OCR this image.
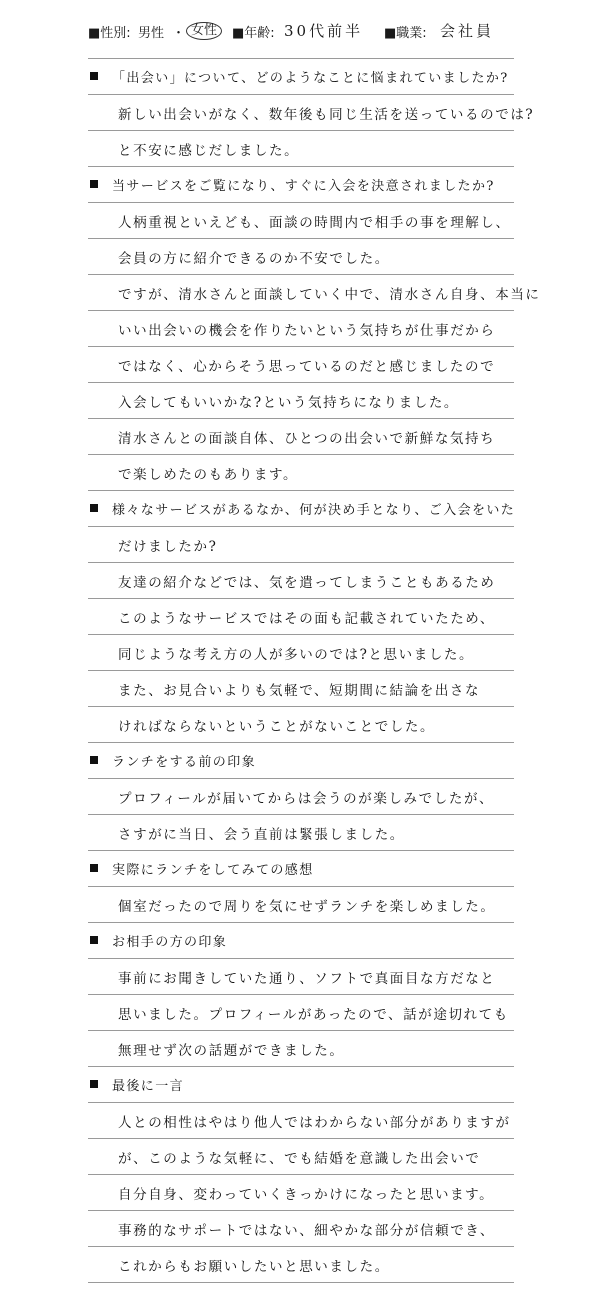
■性別: 男性 ・ 女性	■年齢: 30代前半 ■職業: 会社員
「出会い」について、どのようなことに悩まれていましたか?
新しい出会いがなく、数年後も同じ生活を送っているのでは?
と不安に感じだしました。
当サービスをご覧になり、すぐに入会を決意されましたか?
人柄重視といえども、面談の時間内で相手の事を理解し、
会員の方に紹介できるのか不安でした。
ですが、清水さんと面談していく中で、清水さん自身、本当に
いい出会いの機会を作りたいという気持ちが仕事だから
ではなく、心からそう思っているのだと感じましたので
入会してもいいかな?という気持ちになりました。
清水さんとの面談自体、ひとつの出会いで新鮮な気持ち
で楽しめたのもあります。
様々なサービスがあるなか、何が決め手となり、ご入会をいた
だけましたか?
友達の紹介などでは、気を遣ってしまうこともあるため
このようなサービスではその面も記載されていたため、
同じような考え方の人が多いのでは?と思いました。
また、お見合いよりも気軽で、短期間に結論を出さな
ければならないということがないことでした。
ランチをする前の印象
プロフィールが届いてからは会うのが楽しみでしたが、
さすがに当日、会う直前は緊張しました。
実際にランチをしてみての感想
個室だったので周りを気にせずランチを楽しめました。
お相手の方の印象
事前にお聞きしていた通り、ソフトで真面目な方だなと
思いました。プロフィールがあったので、話が途切れても
無理せず次の話題ができました。
最後に一言
人との相性はやはり他人ではわからない部分がありますが
が、このような気軽に、でも結婚を意識した出会いで
自分自身、変わっていくきっかけになったと思います。
事務的なサポートではない、細やかな部分が信頼でき、
これからもお願いしたいと思いました。
